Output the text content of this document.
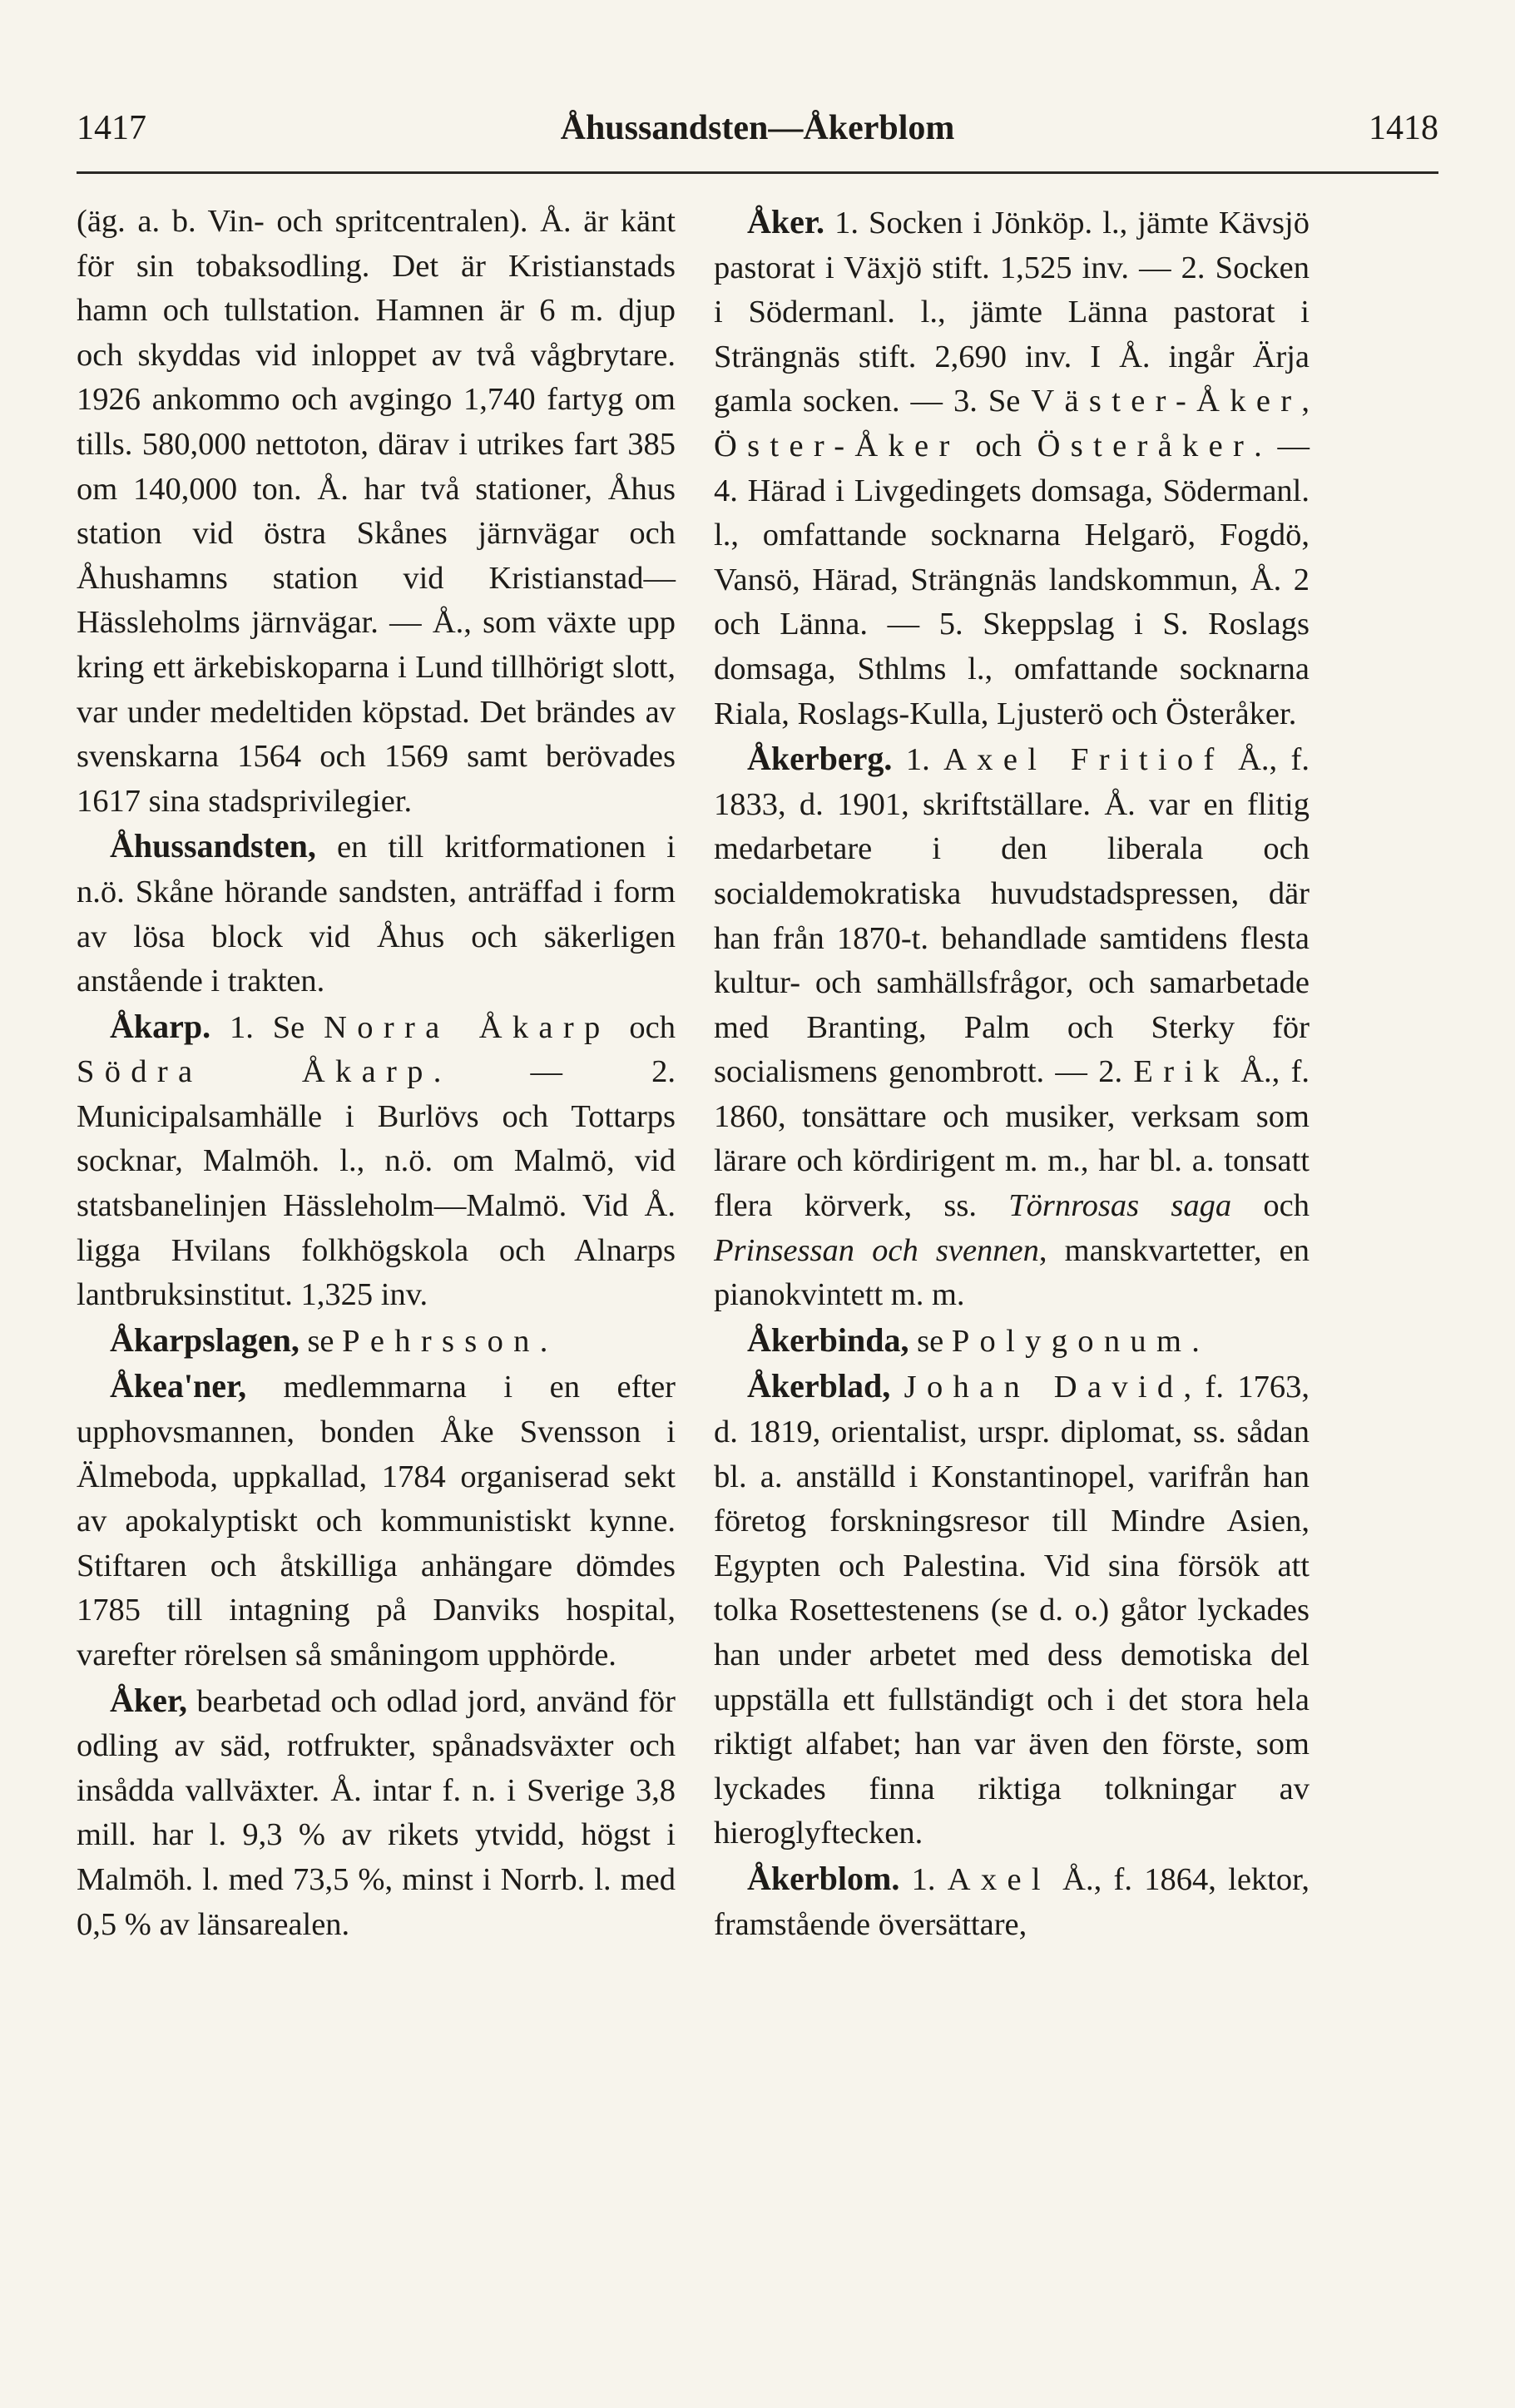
1417	Åhussandsten—Åkerblom	1418

(äg. a. b. Vin- och spritcentralen). Å. är känt för sin tobaksodling. Det är Kristianstads hamn och tullstation. Hamnen är 6 m. djup och skyddas vid inloppet av två vågbrytare. 1926 ankommo och avgingo 1,740 fartyg om tills. 580,000 nettoton, därav i utrikes fart 385 om 140,000 ton. Å. har två stationer, Åhus station vid östra Skånes järnvägar och Åhushamns station vid Kristianstad—Hässleholms järnvägar. — Å., som växte upp kring ett ärkebiskoparna i Lund tillhörigt slott, var under medeltiden köpstad. Det brändes av svenskarna 1564 och 1569 samt berövades 1617 sina stadsprivilegier.

Åhussandsten, en till kritformationen i n.ö. Skåne hörande sandsten, anträffad i form av lösa block vid Åhus och säkerligen anstående i trakten.

Åkarp. 1. Se Norra Åkarp och Södra Åkarp. — 2. Municipalsamhälle i Burlövs och Tottarps socknar, Malmöh. l., n.ö. om Malmö, vid statsbanelinjen Hässleholm—Malmö. Vid Å. ligga Hvilans folkhögskola och Alnarps lantbruksinstitut. 1,325 inv.

Åkarpslagen, se Pehrsson.

Åkea'ner, medlemmarna i en efter upphovsmannen, bonden Åke Svensson i Älmeboda, uppkallad, 1784 organiserad sekt av apokalyptiskt och kommunistiskt kynne. Stiftaren och åtskilliga anhängare dömdes 1785 till intagning på Danviks hospital, varefter rörelsen så småningom upphörde.

Åker, bearbetad och odlad jord, använd för odling av säd, rotfrukter, spånadsväxter och insådda vallväxter. Å. intar f. n. i Sverige 3,8 mill. har l. 9,3 % av rikets ytvidd, högst i Malmöh. l. med 73,5 %, minst i Norrb. l. med 0,5 % av länsarealen.

Åker. 1. Socken i Jönköp. l., jämte Kävsjö pastorat i Växjö stift. 1,525 inv. — 2. Socken i Södermanl. l., jämte Länna pastorat i Strängnäs stift. 2,690 inv. I Å. ingår Ärja gamla socken. — 3. Se Väster-Åker, Öster-Åker och Österåker. — 4. Härad i Livgedingets domsaga, Södermanl. l., omfattande socknarna Helgarö, Fogdö, Vansö, Härad, Strängnäs landskommun, Å. 2 och Länna. — 5. Skeppslag i S. Roslags domsaga, Sthlms l., omfattande socknarna Riala, Roslags-Kulla, Ljusterö och Österåker.

Åkerberg. 1. Axel Fritiof Å., f. 1833, d. 1901, skriftställare. Å. var en flitig medarbetare i den liberala och socialdemokratiska huvudstadspressen, där han från 1870-t. behandlade samtidens flesta kultur- och samhällsfrågor, och samarbetade med Branting, Palm och Sterky för socialismens genombrott. — 2. Erik Å., f. 1860, tonsättare och musiker, verksam som lärare och kördirigent m. m., har bl. a. tonsatt flera körverk, ss. Törnrosas saga och Prinsessan och svennen, manskvartetter, en pianokvintett m. m.

Åkerbinda, se Polygonum.

Åkerblad, Johan David, f. 1763, d. 1819, orientalist, urspr. diplomat, ss. sådan bl. a. anställd i Konstantinopel, varifrån han företog forskningsresor till Mindre Asien, Egypten och Palestina. Vid sina försök att tolka Rosettestenens (se d. o.) gåtor lyckades han under arbetet med dess demotiska del uppställa ett fullständigt och i det stora hela riktigt alfabet; han var även den förste, som lyckades finna riktiga tolkningar av hieroglyftecken.

Åkerblom. 1. Axel Å., f. 1864, lektor, framstående översättare,
